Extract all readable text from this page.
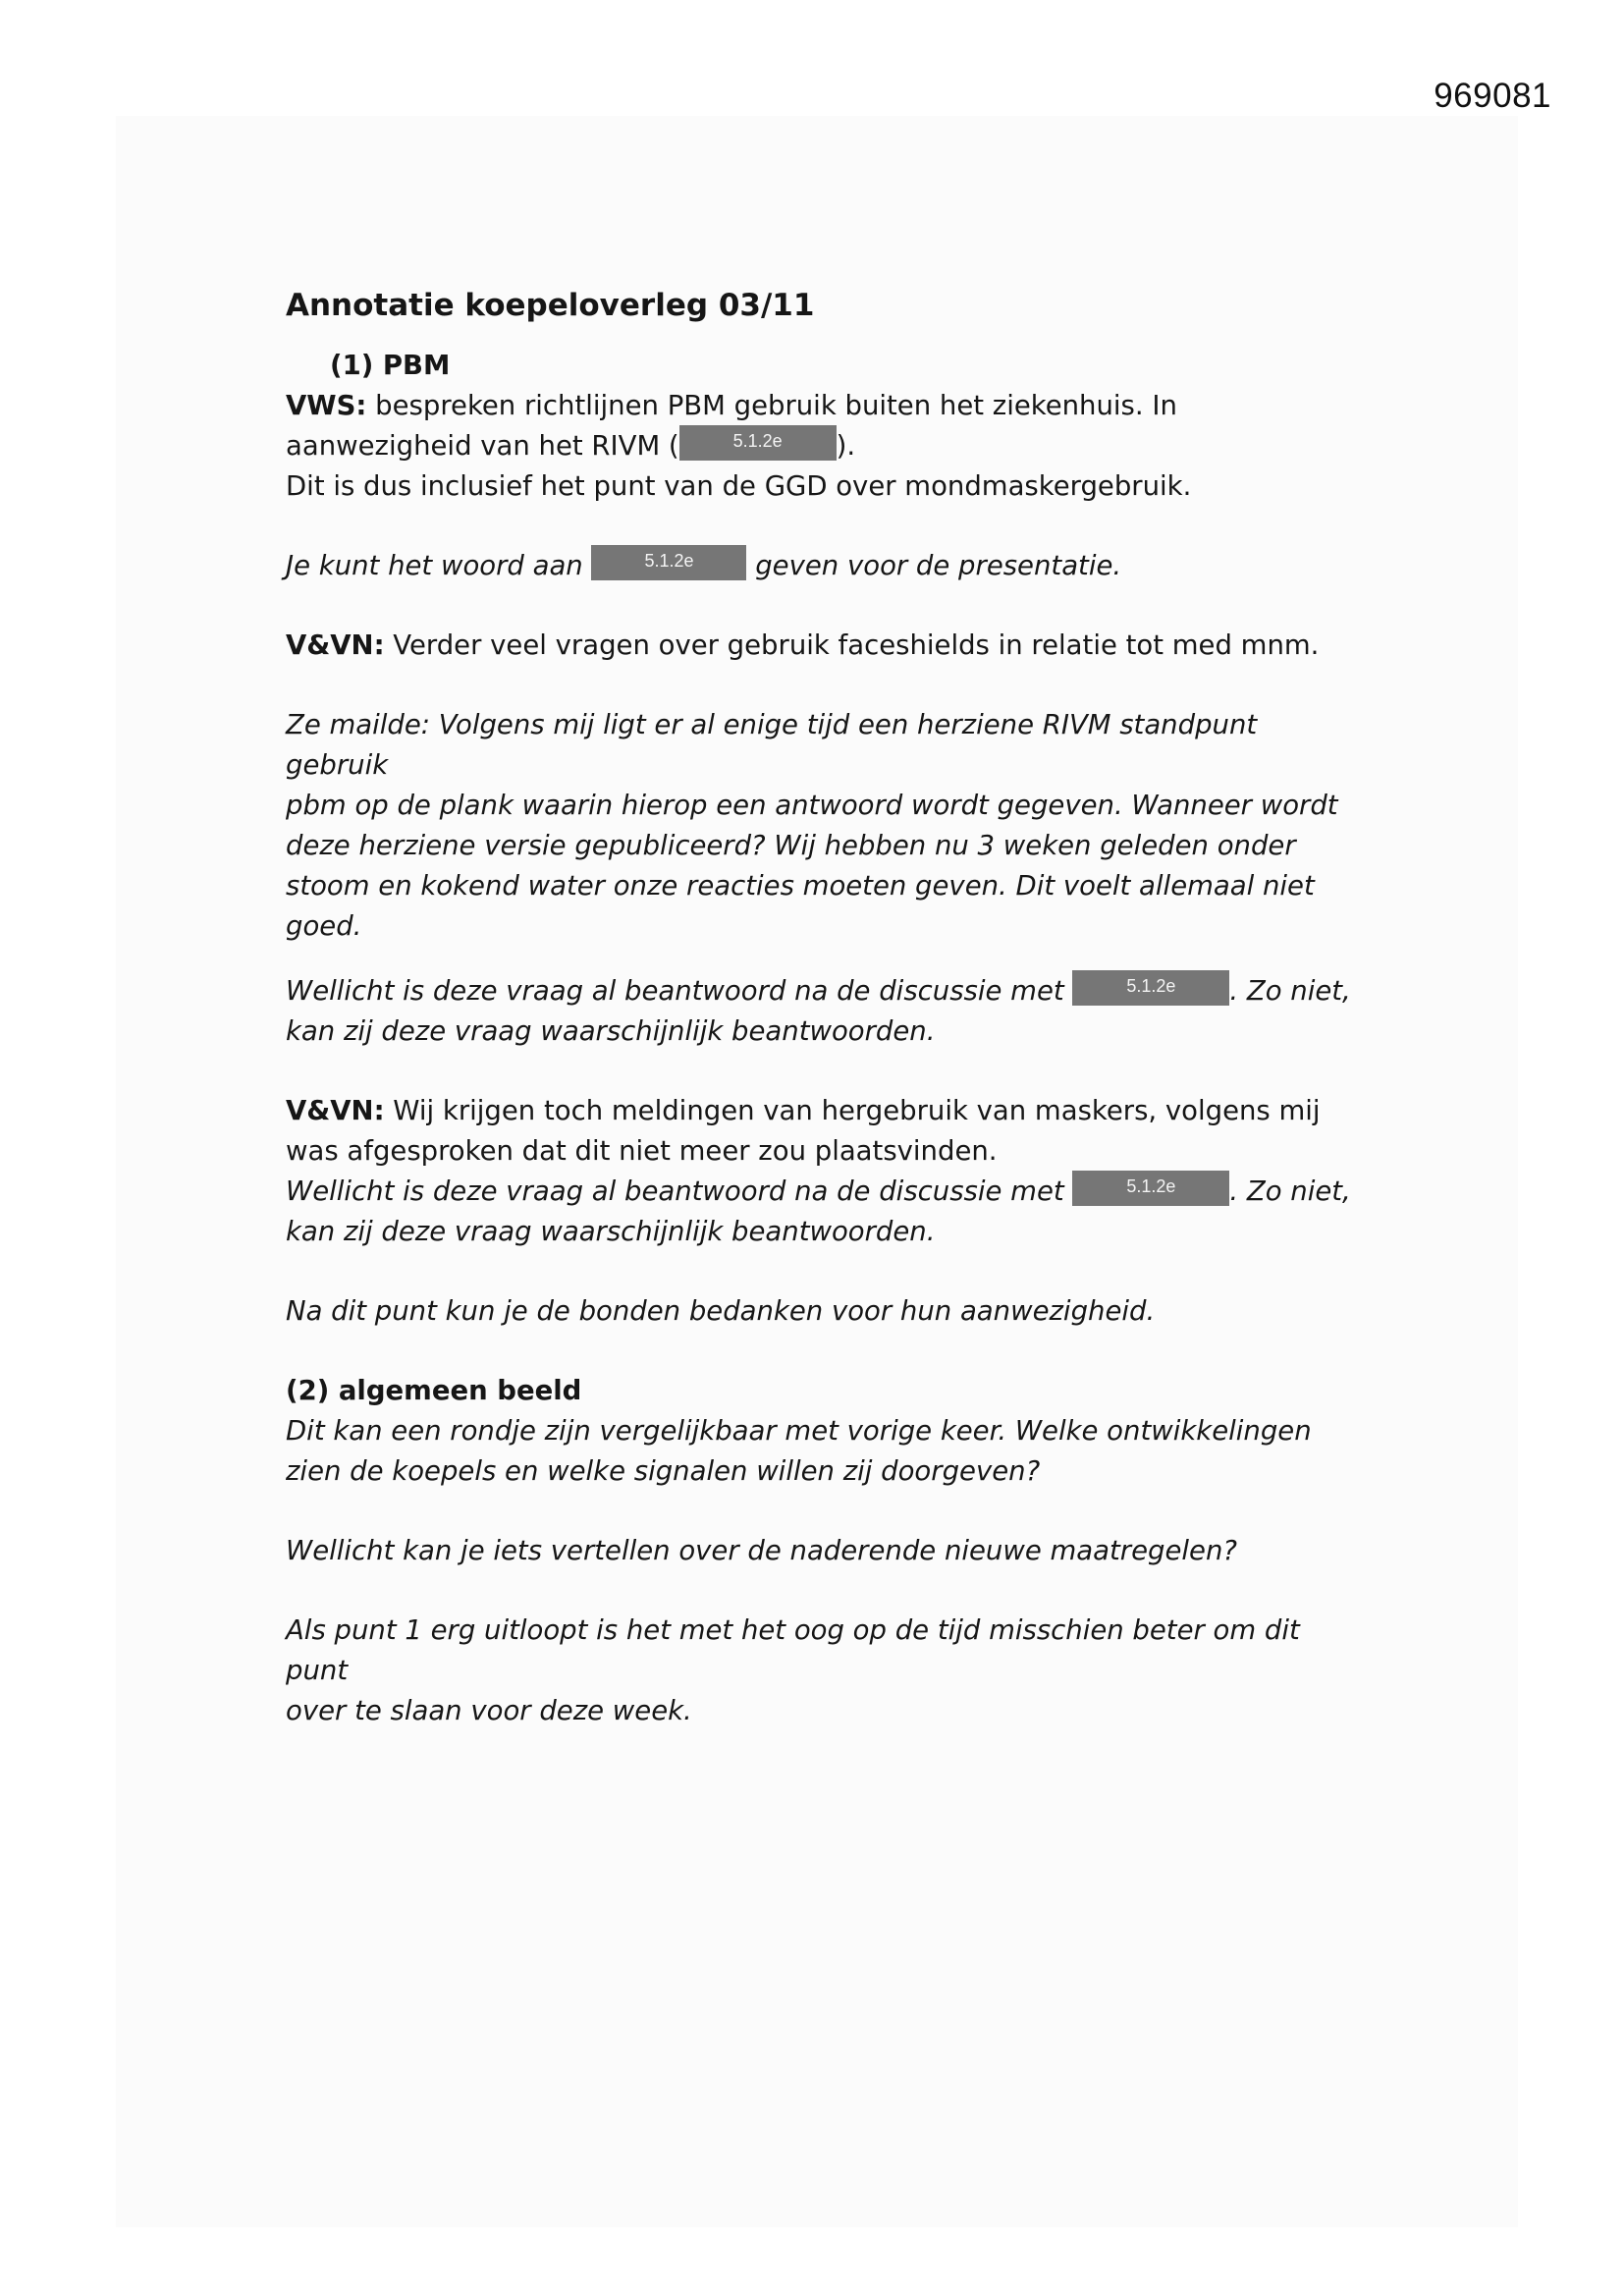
969081

Annotatie koepeloverleg 03/11

(1) PBM

VWS: bespreken richtlijnen PBM gebruik buiten het ziekenhuis. In

aanwezigheid van het RIVM (	5.1.2e ).

Dit is dus inclusief het punt van de GGD over mondmaskergebruik.

Je kunt het woord aan	5.1.2e geven voor de presentatie.

V&VN: Verder veel vragen over gebruik faceshields in relatie tot med mnm.

Ze mailde: Volgens mij ligt er al enige tijd een herziene RIVM standpunt gebruik

pbm op de plank waarin hierop een antwoord wordt gegeven. Wanneer wordt

deze herziene versie gepubliceerd? Wij hebben nu 3 weken geleden onder

stoom en kokend water onze reacties moeten geven. Dit voelt allemaal niet

goed.

Wellicht is deze vraag al beantwoord na de discussie met	5.1.2e . Zo niet,

kan zij deze vraag waarschijnlijk beantwoorden.

V&VN: Wij krijgen toch meldingen van hergebruik van maskers, volgens mij

was afgesproken dat dit niet meer zou plaatsvinden.

Wellicht is deze vraag al beantwoord na de discussie met	5.1.2e . Zo niet,

kan zij deze vraag waarschijnlijk beantwoorden.

Na dit punt kun je de bonden bedanken voor hun aanwezigheid.

(2) algemeen beeld

Dit kan een rondje zijn vergelijkbaar met vorige keer. Welke ontwikkelingen

zien de koepels en welke signalen willen zij doorgeven?

Wellicht kan je iets vertellen over de naderende nieuwe maatregelen?

Als punt 1 erg uitloopt is het met het oog op de tijd misschien beter om dit punt

over te slaan voor deze week.
